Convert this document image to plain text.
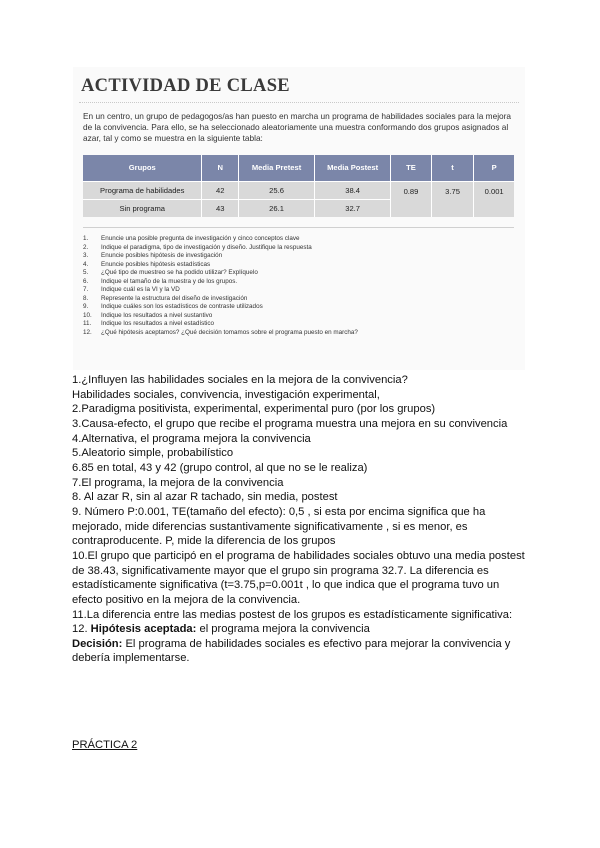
ACTIVIDAD DE CLASE
En un centro, un grupo de pedagogos/as han puesto en marcha un programa de habilidades sociales para la mejora de la convivencia. Para ello, se ha seleccionado aleatoriamente una muestra conformando dos grupos asignados al azar, tal y como se muestra en la siguiente tabla:
Grupos	N	Media Pretest	Media Postest	TE	t	P
Programa de habilidades	42	25.6	38.4	0.89	3.75	0.001
Sin programa	43	26.1	32.7			
1.	Enuncie una posible pregunta de investigación y cinco conceptos clave
2.	Indique el paradigma, tipo de investigación y diseño. Justifique la respuesta
3.	Enuncie posibles hipótesis de investigación
4.	Enuncie posibles hipótesis estadísticas
5.	¿Qué tipo de muestreo se ha podido utilizar? Explíquelo
6.	Indique el tamaño de la muestra y de los grupos.
7.	Indique cuál es la VI y la VD
8.	Represente la estructura del diseño de investigación
9.	Indique cuáles son los estadísticos de contraste utilizados
10.	Indique los resultados a nivel sustantivo
11.	Indique los resultados a nivel estadístico
12.	¿Qué hipótesis aceptamos? ¿Qué decisión tomamos sobre el programa puesto en marcha?

1.¿Influyen las habilidades sociales en la mejora de la convivencia?

Habilidades sociales, convivencia, investigación experimental,

2.Paradigma positivista, experimental, experimental puro (por los grupos)

3.Causa-efecto, el grupo que recibe el programa muestra una mejora en su convivencia

4.Alternativa, el programa mejora la convivencia

5.Aleatorio simple, probabilístico

6.85 en total, 43 y 42 (grupo control, al que no se le realiza)

7.El programa, la mejora de la convivencia

8. Al azar R, sin al azar R tachado, sin media, postest

9. Número P:0.001, TE(tamaño del efecto): 0,5 , si esta por encima significa que ha mejorado, mide diferencias sustantivamente significativamente , si es menor, es contraproducente. P, mide la diferencia de los grupos

10.El grupo que participó en el programa de habilidades sociales obtuvo una media postest de 38.43, significativamente mayor que el grupo sin programa 32.7. La diferencia es estadísticamente significativa (t=3.75,p=0.001t , lo que indica que el programa tuvo un efecto positivo en la mejora de la convivencia.

11.La diferencia entre las medias postest de los grupos es estadísticamente significativa:

12. Hipótesis aceptada: el programa mejora la convivencia

Decisión: El programa de habilidades sociales es efectivo para mejorar la convivencia y debería implementarse.

PRÁCTICA 2
